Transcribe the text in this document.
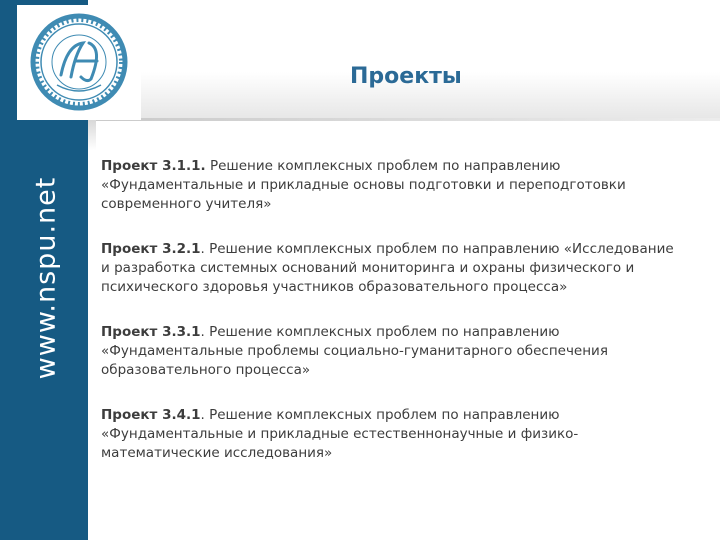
www.nspu.net
Проекты

Проект 3.1.1. Решение комплексных проблем по направлению

«Фундаментальные и прикладные основы подготовки и переподготовки

современного учителя»

Проект 3.2.1. Решение комплексных проблем по направлению «Исследование

и разработка системных оснований мониторинга и охраны физического и

психического здоровья участников образовательного процесса»

Проект 3.3.1. Решение комплексных проблем по направлению

«Фундаментальные проблемы социально-гуманитарного обеспечения

образовательного процесса»

Проект 3.4.1. Решение комплексных проблем по направлению

«Фундаментальные и прикладные естественнонаучные и физико-

математические исследования»
